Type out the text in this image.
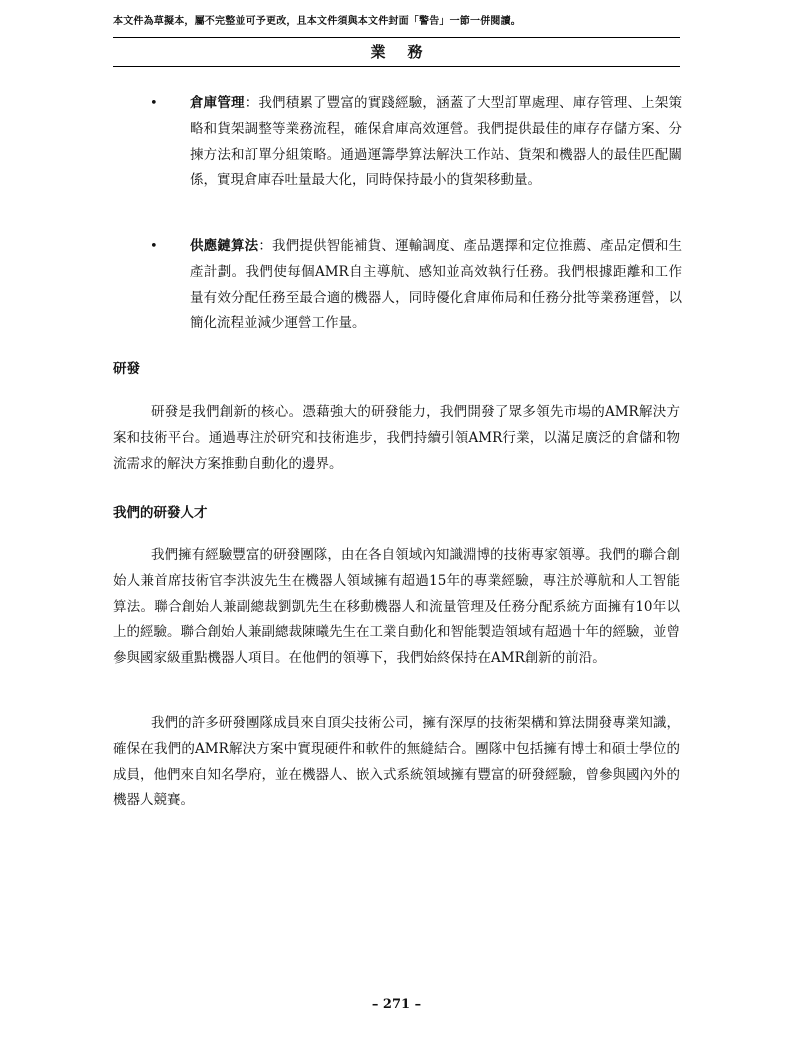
本文件為草擬本，屬不完整並可予更改，且本文件須與本文件封面「警告」一節一併閱讀。
業務
• 倉庫管理：我們積累了豐富的實踐經驗，涵蓋了大型訂單處理、庫存管理、上架策略和貨架調整等業務流程，確保倉庫高效運營。我們提供最佳的庫存存儲方案、分揀方法和訂單分組策略。通過運籌學算法解決工作站、貨架和機器人的最佳匹配關係，實現倉庫吞吐量最大化，同時保持最小的貨架移動量。
• 供應鏈算法：我們提供智能補貨、運輸調度、產品選擇和定位推薦、產品定價和生產計劃。我們使每個AMR自主導航、感知並高效執行任務。我們根據距離和工作量有效分配任務至最合適的機器人，同時優化倉庫佈局和任務分批等業務運營，以簡化流程並減少運營工作量。
研發
研發是我們創新的核心。憑藉強大的研發能力，我們開發了眾多領先市場的AMR解決方案和技術平台。通過專注於研究和技術進步，我們持續引領AMR行業，以滿足廣泛的倉儲和物流需求的解決方案推動自動化的邊界。
我們的研發人才
我們擁有經驗豐富的研發團隊，由在各自領域內知識淵博的技術專家領導。我們的聯合創始人兼首席技術官李洪波先生在機器人領域擁有超過15年的專業經驗，專注於導航和人工智能算法。聯合創始人兼副總裁劉凱先生在移動機器人和流量管理及任務分配系統方面擁有10年以上的經驗。聯合創始人兼副總裁陳曦先生在工業自動化和智能製造領域有超過十年的經驗，並曾參與國家級重點機器人項目。在他們的領導下，我們始終保持在AMR創新的前沿。
我們的許多研發團隊成員來自頂尖技術公司，擁有深厚的技術架構和算法開發專業知識，確保在我們的AMR解決方案中實現硬件和軟件的無縫結合。團隊中包括擁有博士和碩士學位的成員，他們來自知名學府，並在機器人、嵌入式系統領域擁有豐富的研發經驗，曾參與國內外的機器人競賽。
– 271 –
